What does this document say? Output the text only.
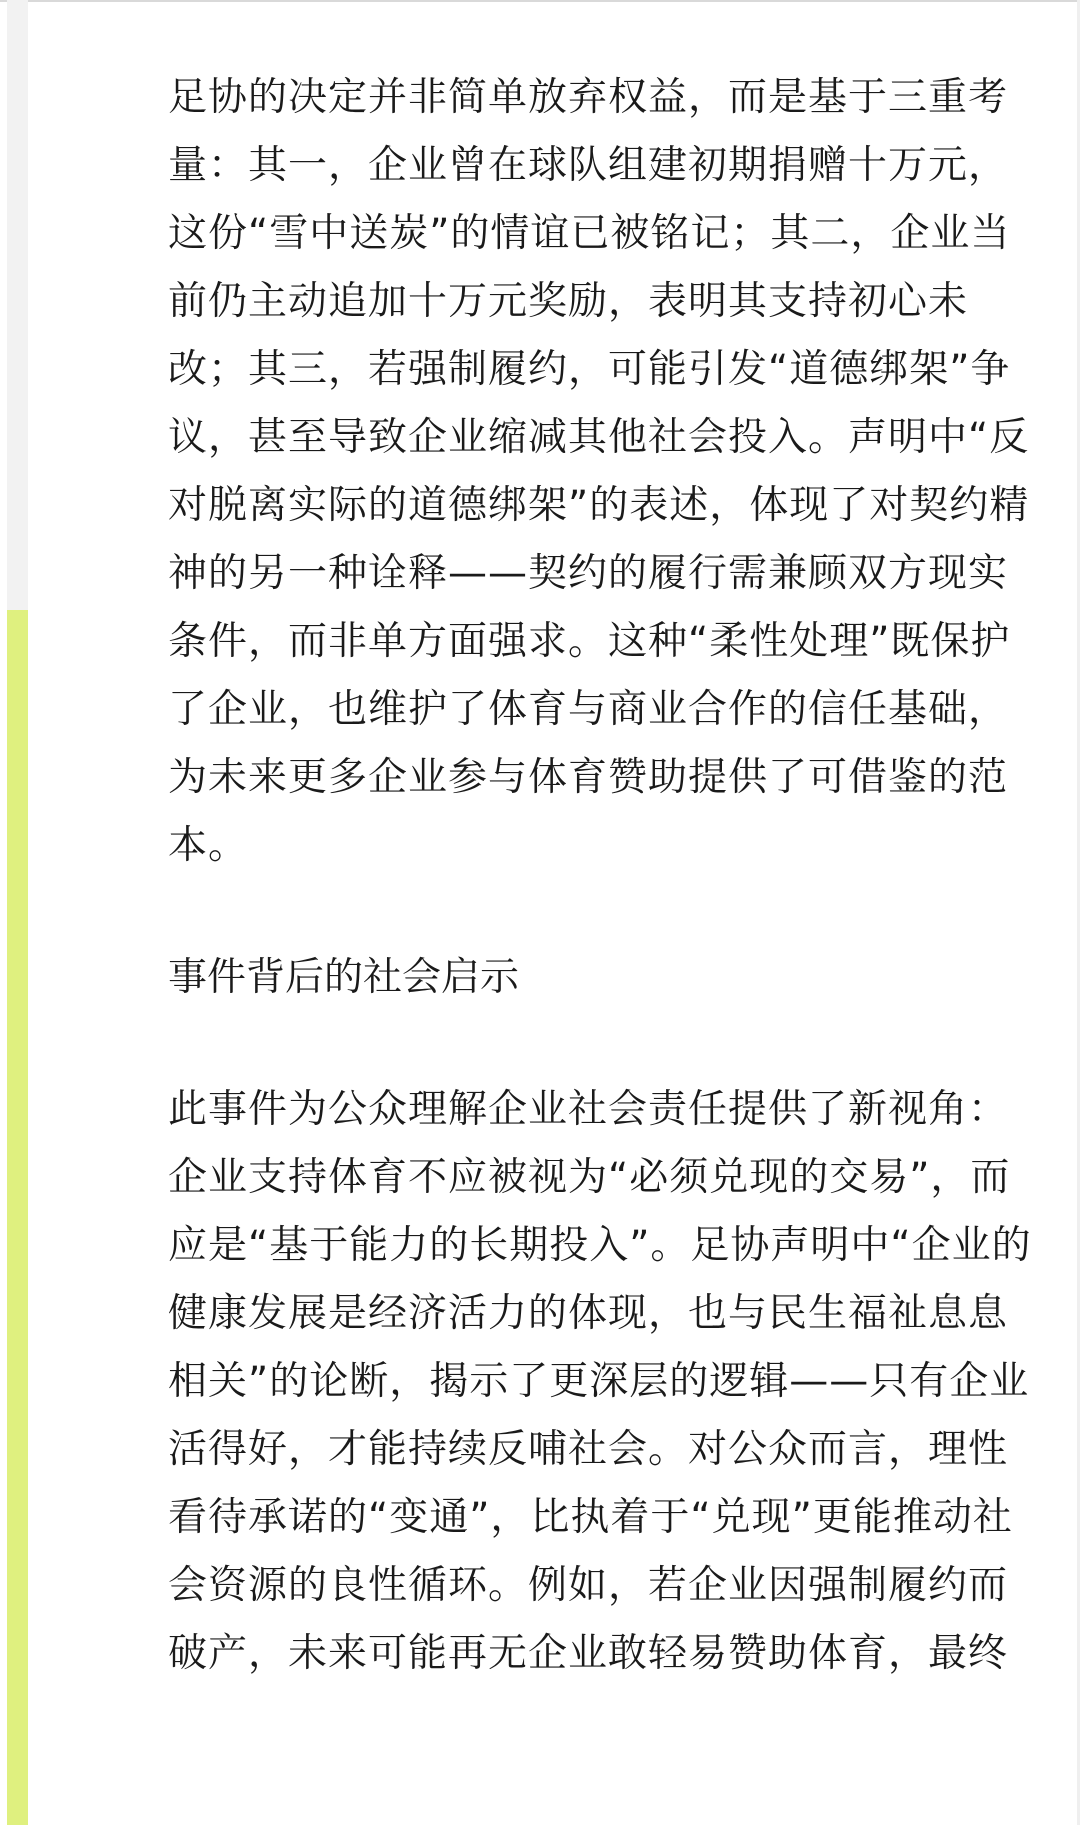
足协的决定并非简单放弃权益，而是基于三重考量：其一，企业曾在球队组建初期捐赠十万元，这份“雪中送炭”的情谊已被铭记；其二，企业当前仍主动追加十万元奖励，表明其支持初心未改；其三，若强制履约，可能引发“道德绑架”争议，甚至导致企业缩减其他社会投入。声明中“反对脱离实际的道德绑架”的表述，体现了对契约精神的另一种诠释——契约的履行需兼顾双方现实条件，而非单方面强求。这种“柔性处理”既保护了企业，也维护了体育与商业合作的信任基础，为未来更多企业参与体育赞助提供了可借鉴的范本。

事件背后的社会启示

此事件为公众理解企业社会责任提供了新视角：企业支持体育不应被视为“必须兑现的交易”，而应是“基于能力的长期投入”。足协声明中“企业的健康发展是经济活力的体现，也与民生福祉息息相关”的论断，揭示了更深层的逻辑——只有企业活得好，才能持续反哺社会。对公众而言，理性看待承诺的“变通”，比执着于“兑现”更能推动社会资源的良性循环。例如，若企业因强制履约而破产，未来可能再无企业敢轻易赞助体育，最终
